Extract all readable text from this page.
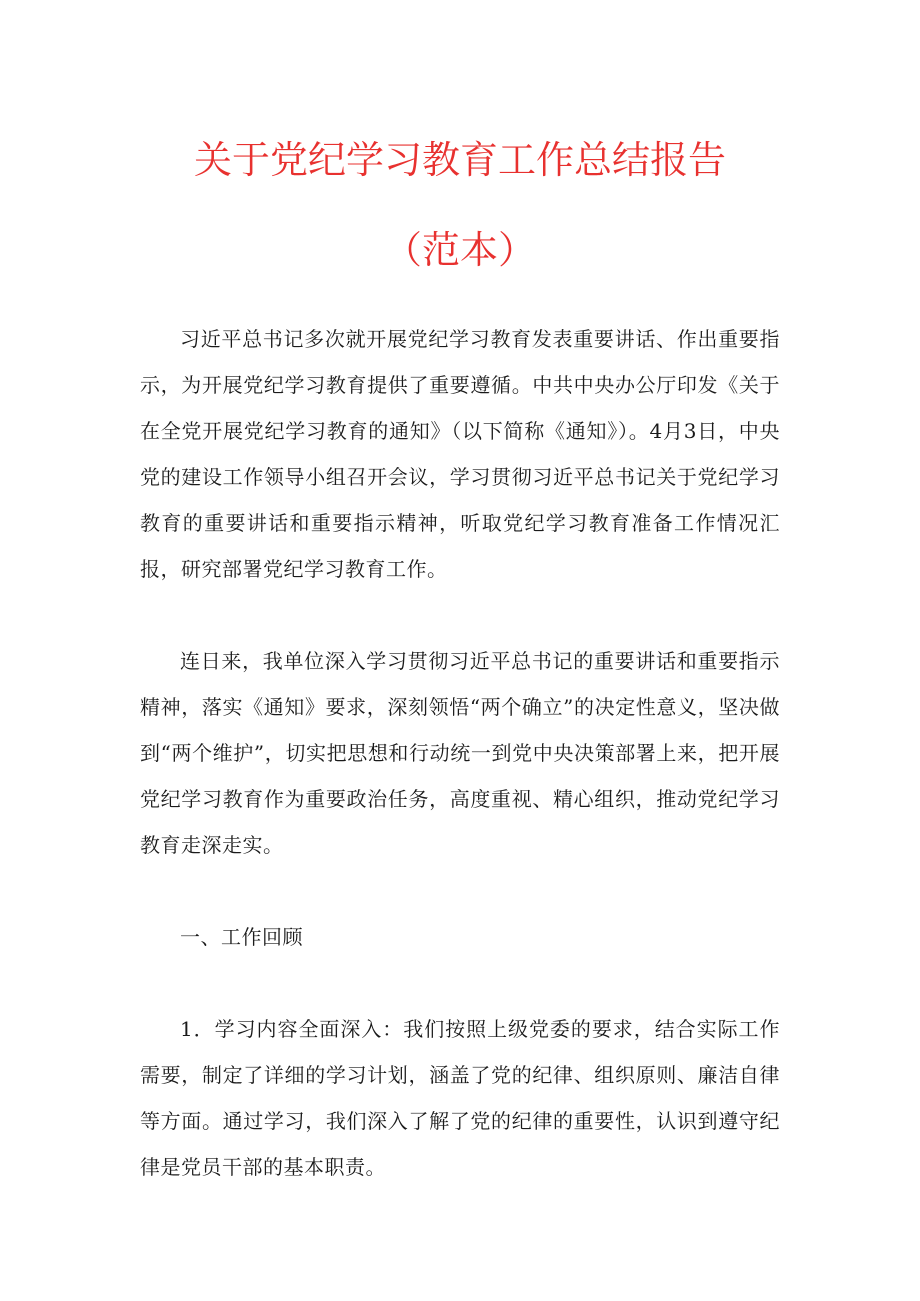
关于党纪学习教育工作总结报告
（范本）

习近平总书记多次就开展党纪学习教育发表重要讲话、作出重要指示，为开展党纪学习教育提供了重要遵循。中共中央办公厅印发《关于在全党开展党纪学习教育的通知》（以下简称《通知》）。4月3日，中央党的建设工作领导小组召开会议，学习贯彻习近平总书记关于党纪学习教育的重要讲话和重要指示精神，听取党纪学习教育准备工作情况汇报，研究部署党纪学习教育工作。

连日来，我单位深入学习贯彻习近平总书记的重要讲话和重要指示精神，落实《通知》要求，深刻领悟“两个确立”的决定性意义，坚决做到“两个维护”，切实把思想和行动统一到党中央决策部署上来，把开展党纪学习教育作为重要政治任务，高度重视、精心组织，推动党纪学习教育走深走实。

一、工作回顾

1．学习内容全面深入：我们按照上级党委的要求，结合实际工作需要，制定了详细的学习计划，涵盖了党的纪律、组织原则、廉洁自律等方面。通过学习，我们深入了解了党的纪律的重要性，认识到遵守纪律是党员干部的基本职责。
